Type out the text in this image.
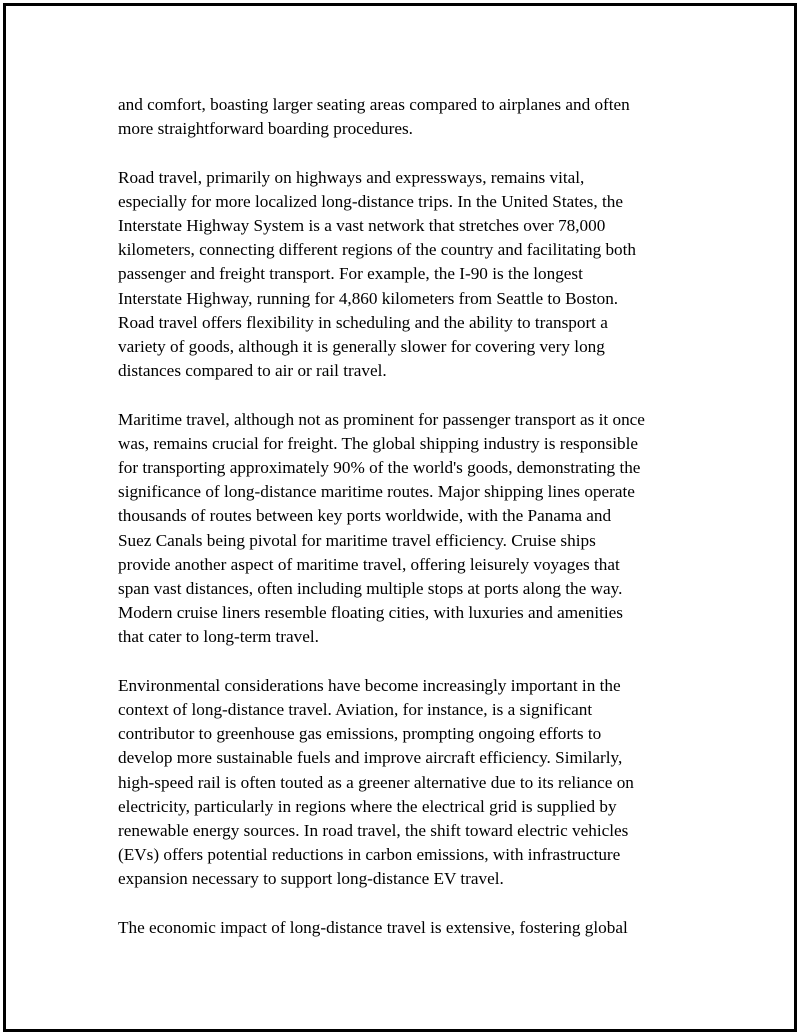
and comfort, boasting larger seating areas compared to airplanes and often
more straightforward boarding procedures.

Road travel, primarily on highways and expressways, remains vital,
especially for more localized long-distance trips. In the United States, the
Interstate Highway System is a vast network that stretches over 78,000
kilometers, connecting different regions of the country and facilitating both
passenger and freight transport. For example, the I-90 is the longest
Interstate Highway, running for 4,860 kilometers from Seattle to Boston.
Road travel offers flexibility in scheduling and the ability to transport a
variety of goods, although it is generally slower for covering very long
distances compared to air or rail travel.

Maritime travel, although not as prominent for passenger transport as it once
was, remains crucial for freight. The global shipping industry is responsible
for transporting approximately 90% of the world's goods, demonstrating the
significance of long-distance maritime routes. Major shipping lines operate
thousands of routes between key ports worldwide, with the Panama and
Suez Canals being pivotal for maritime travel efficiency. Cruise ships
provide another aspect of maritime travel, offering leisurely voyages that
span vast distances, often including multiple stops at ports along the way.
Modern cruise liners resemble floating cities, with luxuries and amenities
that cater to long-term travel.

Environmental considerations have become increasingly important in the
context of long-distance travel. Aviation, for instance, is a significant
contributor to greenhouse gas emissions, prompting ongoing efforts to
develop more sustainable fuels and improve aircraft efficiency. Similarly,
high-speed rail is often touted as a greener alternative due to its reliance on
electricity, particularly in regions where the electrical grid is supplied by
renewable energy sources. In road travel, the shift toward electric vehicles
(EVs) offers potential reductions in carbon emissions, with infrastructure
expansion necessary to support long-distance EV travel.

The economic impact of long-distance travel is extensive, fostering global
